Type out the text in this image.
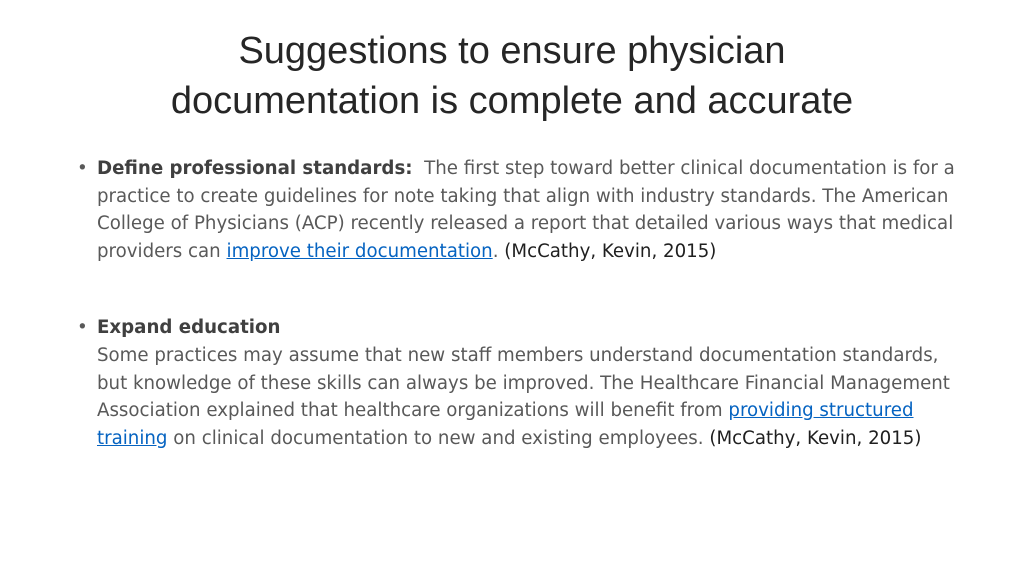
Suggestions to ensure physician
documentation is complete and accurate
• Define professional standards: The first step toward better clinical documentation is for a practice to create guidelines for note taking that align with industry standards. The American College of Physicians (ACP) recently released a report that detailed various ways that medical providers can improve their documentation. (McCathy, Kevin, 2015)
• Expand education
Some practices may assume that new staff members understand documentation standards, but knowledge of these skills can always be improved. The Healthcare Financial Management Association explained that healthcare organizations will benefit from providing structured training on clinical documentation to new and existing employees. (McCathy, Kevin, 2015)
